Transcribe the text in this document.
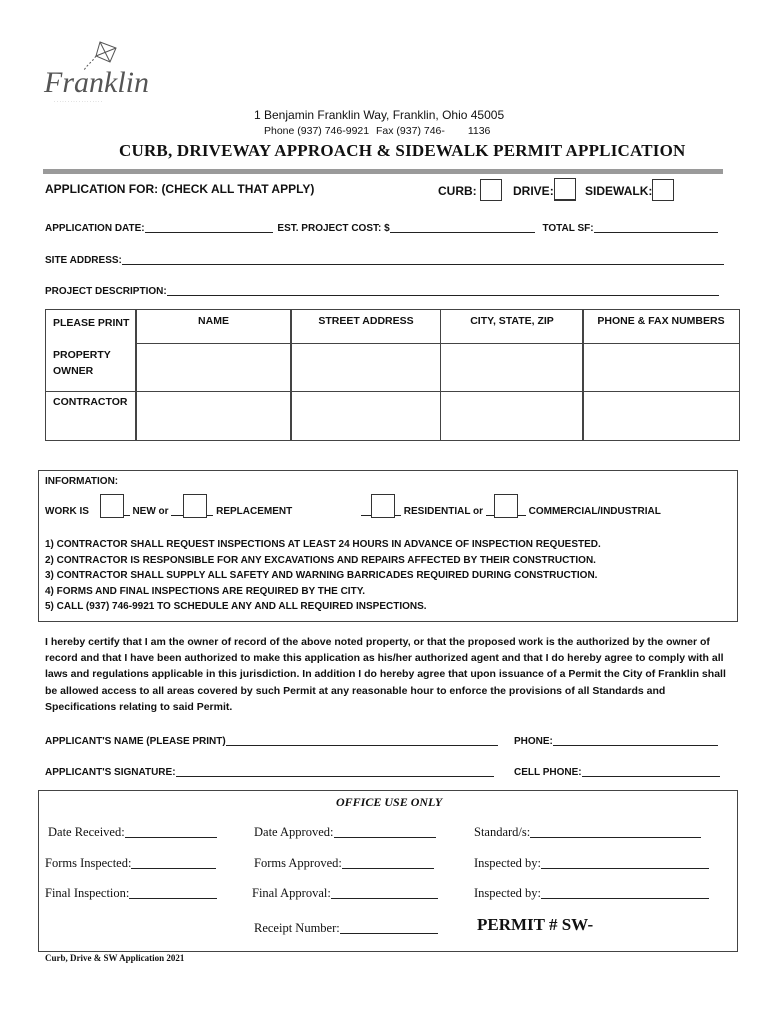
Franklin
· · · · · · · · · · · · · · · · · ·
1 Benjamin Franklin Way, Franklin, Ohio 45005
Phone (937) 746-9921 Fax (937) 746- 1136
CURB, DRIVEWAY APPROACH & SIDEWALK PERMIT APPLICATION
APPLICATION FOR: (CHECK ALL THAT APPLY)	CURB:	DRIVE:	SIDEWALK:
APPLICATION DATE:	EST. PROJECT COST: $	TOTAL SF:
SITE ADDRESS:
PROJECT DESCRIPTION:
PLEASE PRINT	NAME	STREET ADDRESS	CITY, STATE, ZIP	PHONE & FAX NUMBERS
PROPERTY OWNER
CONTRACTOR
INFORMATION:
WORK IS	NEW or	REPLACEMENT	RESIDENTIAL or	COMMERCIAL/INDUSTRIAL
1) CONTRACTOR SHALL REQUEST INSPECTIONS AT LEAST 24 HOURS IN ADVANCE OF INSPECTION REQUESTED.
2) CONTRACTOR IS RESPONSIBLE FOR ANY EXCAVATIONS AND REPAIRS AFFECTED BY THEIR CONSTRUCTION.
3) CONTRACTOR SHALL SUPPLY ALL SAFETY AND WARNING BARRICADES REQUIRED DURING CONSTRUCTION.
4) FORMS AND FINAL INSPECTIONS ARE REQUIRED BY THE CITY.
5) CALL (937) 746-9921 TO SCHEDULE ANY AND ALL REQUIRED INSPECTIONS.
I hereby certify that I am the owner of record of the above noted property, or that the proposed work is the authorized by the owner of record and that I have been authorized to make this application as his/her authorized agent and that I do hereby agree to comply with all laws and regulations applicable in this jurisdiction. In addition I do hereby agree that upon issuance of a Permit the City of Franklin shall be allowed access to all areas covered by such Permit at any reasonable hour to enforce the provisions of all Standards and Specifications relating to said Permit.
APPLICANT'S NAME (PLEASE PRINT)	PHONE:
APPLICANT'S SIGNATURE:	CELL PHONE:
OFFICE USE ONLY
Date Received:	Date Approved:	Standard/s:
Forms Inspected:	Forms Approved:	Inspected by:
Final Inspection:	Final Approval:	Inspected by:
Receipt Number:	PERMIT # SW-
Curb, Drive & SW Application 2021
